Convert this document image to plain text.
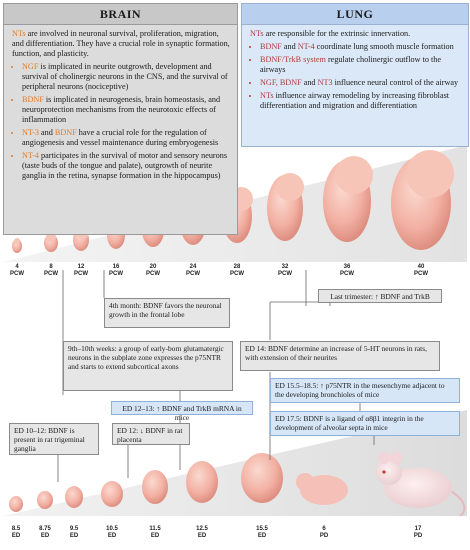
BRAIN
NTs are involved in neuronal survival, proliferation, migration, and differentiation. They have a crucial role in synaptic formation, function, and plasticity.
• NGF is implicated in neurite outgrowth, development and survival of cholinergic neurons in the CNS, and the survival of peripheral neurons (nociceptive)
• BDNF is implicated in neurogenesis, brain homeostasis, and neuroprotection mechanisms from the neurotoxic effects of inflammation
• NT-3 and BDNF have a crucial role for the regulation of angiogenesis and vessel maintenance during embryogenesis
• NT-4 participates in the survival of motor and sensory neurons (taste buds of the tongue and palate), outgrowth of neurite ganglia in the retina, synapse formation in the hippocampus)
LUNG
NTs are responsible for the extrinsic innervation.
• BDNF and NT-4 coordinate lung smooth muscle formation
• BDNF/TrkB system regulate cholinergic outflow to the airways
• NGF, BDNF and NT3 influence neural control of the airway
• NTs influence airway remodeling by increasing fibroblast differentiation and migration and differentiation
4
PCW
8
PCW
12
PCW
16
PCW
20
PCW
24
PCW
28
PCW
32
PCW
36
PCW
40
PCW
Last trimester: ↑ BDNF and TrkB
4th month: BDNF favors the neuronal growth in the frontal lobe
9th–10th weeks: a group of early-born glutamatergic neurons in the subplate zone expresses the p75NTR and starts to extend subcortical axons
ED 14: BDNF determine an increase of 5-HT neurons in rats, with extension of their neurites
ED 15.5–18.5: ↑ p75NTR in the mesenchyme adjacent to the developing bronchioles of mice
ED 17.5: BDNF is a ligand of α8β1 integrin in the development of alveolar septa in mice
ED 12–13: ↑ BDNF and TrkB mRNA in mice
ED 10–12: BDNF is present in rat trigeminal ganglia
ED 12: ↓ BDNF in rat placenta
8.5
ED
8.75
ED
9.5
ED
10.5
ED
11.5
ED
12.5
ED
15.5
ED
6
PD
17
PD
